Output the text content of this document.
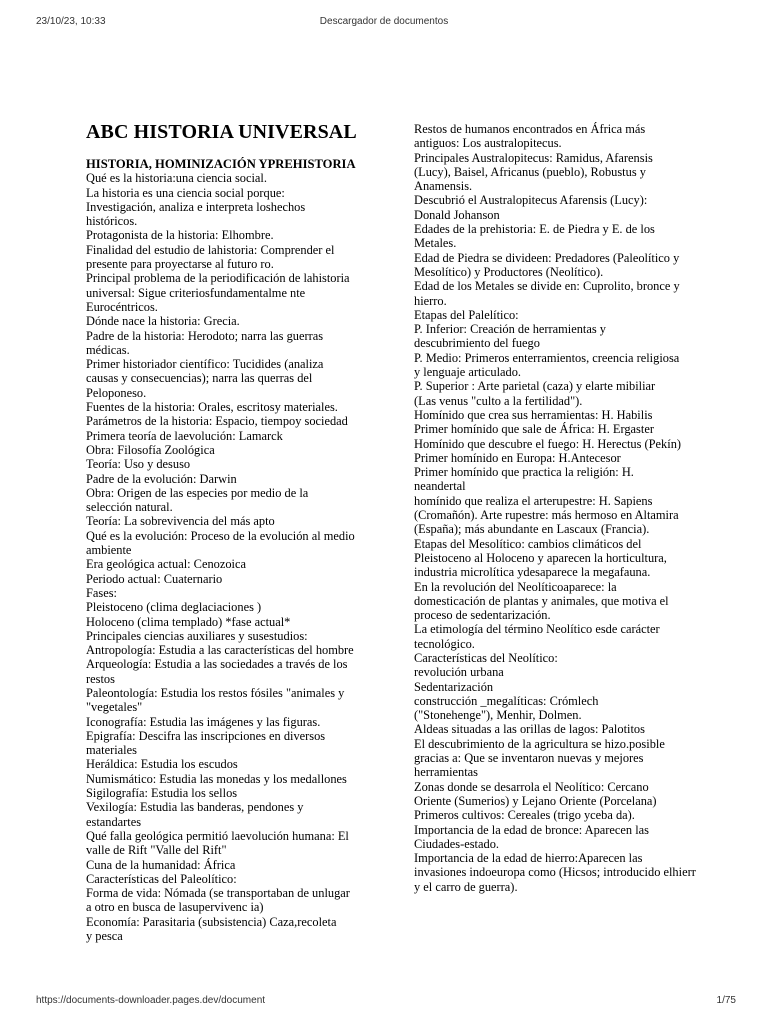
23/10/23, 10:33	Descargador de documentos
ABC HISTORIA UNIVERSAL
HISTORIA, HOMINIZACIÓN YPREHISTORIA
Qué es la historia:una ciencia social.
La historia es una ciencia social porque:
Investigación, analiza e interpreta loshechos
históricos.
Protagonista de la historia: Elhombre.
Finalidad del estudio de lahistoria: Comprender el
presente para proyectarse al futuro ro.
Principal problema de la periodificación de lahistoria
universal: Sigue criteriosfundamentalme nte
Eurocéntricos.
Dónde nace la historia: Grecia.
Padre de la historia: Herodoto; narra las guerras
médicas.
Primer historiador científico: Tucidides (analiza
causas y consecuencias); narra las querras del
Peloponeso.
Fuentes de la historia: Orales, escritosy materiales.
Parámetros de la historia: Espacio, tiempoy sociedad
Primera teoría de laevolución: Lamarck
Obra: Filosofía Zoológica
Teoría: Uso y desuso
Padre de la evolución: Darwin
Obra: Origen de las especies por medio de la
selección natural.
Teoría: La sobrevivencia del más apto
Qué es la evolución: Proceso de la evolución al medio
ambiente
Era geológica actual: Cenozoica
Periodo actual: Cuaternario
Fases:
Pleistoceno (clima deglaciaciones )
Holoceno (clima templado) *fase actual*
Principales ciencias auxiliares y susestudios:
Antropología: Estudia a las características del hombre
Arqueología: Estudia a las sociedades a través de los
restos
Paleontología: Estudia los restos fósiles "animales y
"vegetales"
Iconografía: Estudia las imágenes y las figuras.
Epigrafía: Descifra las inscripciones en diversos
materiales
Heráldica: Estudia los escudos
Numismático: Estudia las monedas y los medallones
Sigilografía: Estudia los sellos
Vexilogía: Estudia las banderas, pendones y
estandartes
Qué falla geológica permitió laevolución humana: El
valle de Rift "Valle del Rift"
Cuna de la humanidad: África
Características del Paleolítico:
Forma de vida: Nómada (se transportaban de unlugar
a otro en busca de lasupervivenc ia)
Economía: Parasitaria (subsistencia) Caza,recoleta
y pesca
Restos de humanos encontrados en África más
antiguos: Los australopitecus.
Principales Australopitecus: Ramidus, Afarensis
(Lucy), Baisel, Africanus (pueblo), Robustus y
Anamensis.
Descubrió el Australopitecus Afarensis (Lucy):
Donald Johanson
Edades de la prehistoria: E. de Piedra y E. de los
Metales.
Edad de Piedra se divideen: Predadores (Paleolítico y
Mesolítico) y Productores (Neolítico).
Edad de los Metales se divide en: Cuprolito, bronce y
hierro.
Etapas del Palelítico:
P. Inferior: Creación de herramientas y
descubrimiento del fuego
P. Medio: Primeros enterramientos, creencia religiosa
y lenguaje articulado.
P. Superior : Arte parietal (caza) y elarte mibiliar
(Las venus "culto a la fertilidad").
Homínido que crea sus herramientas: H. Habilis
Primer homínido que sale de África: H. Ergaster
Homínido que descubre el fuego: H. Herectus (Pekín)
Primer homínido en Europa: H.Antecesor
Primer homínido que practica la religión: H.
neandertal
homínido que realiza el arterupestre: H. Sapiens
(Cromañón). Arte rupestre: más hermoso en Altamira
(España); más abundante en Lascaux (Francia).
Etapas del Mesolítico: cambios climáticos del
Pleistoceno al Holoceno y aparecen la horticultura,
industria microlítica ydesaparece la megafauna.
En la revolución del Neolíticoaparece: la
domesticación de plantas y animales, que motiva el
proceso de sedentarización.
La etimología del término Neolítico esde carácter
tecnológico.
Características del Neolítico:
revolución urbana
Sedentarización
construcción _megalíticas: Crómlech
("Stonehenge"), Menhir, Dolmen.
Aldeas situadas a las orillas de lagos: Palotitos
El descubrimiento de la agricultura se hizo.posible
gracias a: Que se inventaron nuevas y mejores
herramientas
Zonas donde se desarrola el Neolítico: Cercano
Oriente (Sumerios) y Lejano Oriente (Porcelana)
Primeros cultivos: Cereales (trigo yceba da).
Importancia de la edad de bronce: Aparecen las
Ciudades-estado.
Importancia de la edad de hierro:Aparecen las
invasiones indoeuropa como (Hicsos; introducido elhierr
y el carro de guerra).
https://documents-downloader.pages.dev/document	1/75
